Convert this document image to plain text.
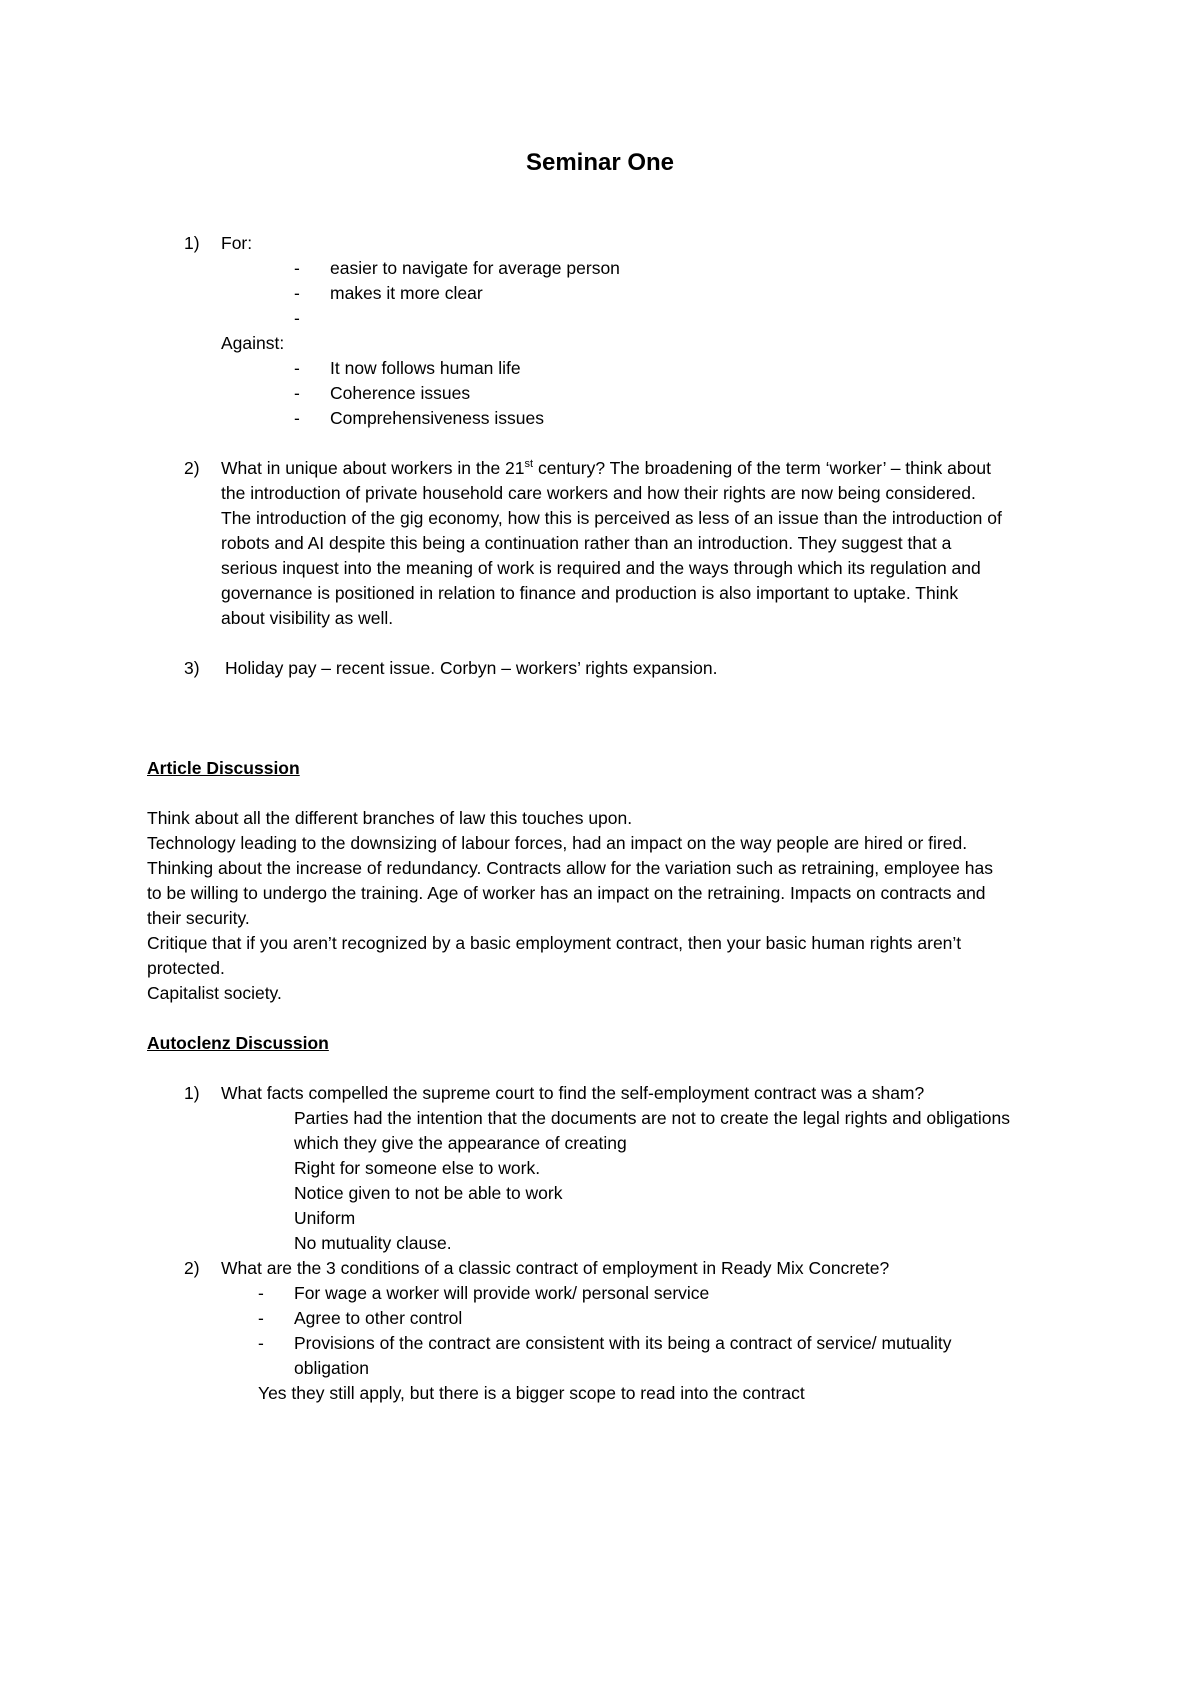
Seminar One
1) For:
- easier to navigate for average person
- makes it more clear
-
Against:
- It now follows human life
- Coherence issues
- Comprehensiveness issues
2) What in unique about workers in the 21st century? The broadening of the term ‘worker’ – think about
the introduction of private household care workers and how their rights are now being considered.
The introduction of the gig economy, how this is perceived as less of an issue than the introduction of
robots and AI despite this being a continuation rather than an introduction. They suggest that a
serious inquest into the meaning of work is required and the ways through which its regulation and
governance is positioned in relation to finance and production is also important to uptake. Think
about visibility as well.
3) Holiday pay – recent issue. Corbyn – workers’ rights expansion.
Article Discussion
Think about all the different branches of law this touches upon.
Technology leading to the downsizing of labour forces, had an impact on the way people are hired or fired.
Thinking about the increase of redundancy. Contracts allow for the variation such as retraining, employee has
to be willing to undergo the training. Age of worker has an impact on the retraining. Impacts on contracts and
their security.
Critique that if you aren’t recognized by a basic employment contract, then your basic human rights aren’t
protected.
Capitalist society.
Autoclenz Discussion
1) What facts compelled the supreme court to find the self-employment contract was a sham?
Parties had the intention that the documents are not to create the legal rights and obligations
which they give the appearance of creating
Right for someone else to work.
Notice given to not be able to work
Uniform
No mutuality clause.
2) What are the 3 conditions of a classic contract of employment in Ready Mix Concrete?
- For wage a worker will provide work/ personal service
- Agree to other control
- Provisions of the contract are consistent with its being a contract of service/ mutuality
obligation
Yes they still apply, but there is a bigger scope to read into the contract
